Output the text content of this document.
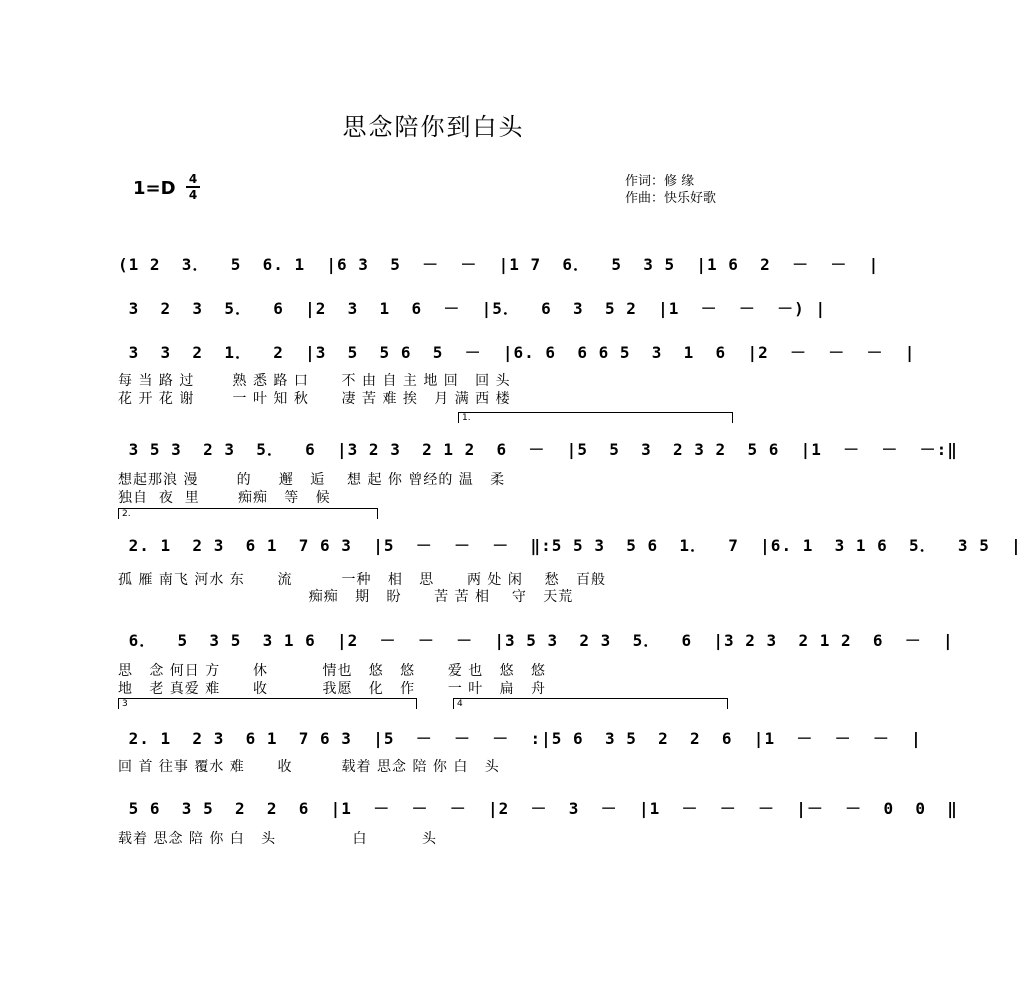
思念陪你到白头
1=D 4
4
作词：修 缘
作曲：快乐好歌
(1 2  3．  5  6. 1  |6 3  5  －  －  |1 7  6．  5  3 5  |1 6  2  －  －  |
3  2  3  5．  6  |2  3  1  6  －  |5．  6  3  5 2  |1  －  －  －) |
3  3  2  1．  2  |3  5  5 6  5  －  |6. 6  6 6 5  3  1  6  |2  －  －  －  |
每 当 路 过       熟 悉 路 口      不 由 自 主 地 回   回 头
花 开 花 谢       一 叶 知 秋      凄 苦 难 挨   月 满 西 楼
1.
3 5 3  2 3  5．  6  |3 2 3  2 1 2  6  －  |5  5  3  2 3 2  5 6  |1  －  －  －:‖
想起那浪 漫       的     邂   逅    想 起 你 曾经的 温   柔
独自  夜  里       痴痴   等   候
2.
2. 1  2 3  6 1  7 6 3  |5  －  －  －  ‖:5 5 3  5 6  1．  7  |6. 1  3 1 6  5．  3 5  |
孤 雁 南飞 河水 东      流         一种   相   思      两 处 闲    愁   百般
痴痴   期   盼      苦 苦 相    守   天荒
6．  5  3 5  3 1 6  |2  －  －  －  |3 5 3  2 3  5．  6  |3 2 3  2 1 2  6  －  |
思   念 何日 方      休          情也   悠   悠      爱 也   悠   悠
地   老 真爱 难      收          我愿   化   作      一 叶   扁   舟
3	4
2. 1  2 3  6 1  7 6 3  |5  －  －  －  :|5 6  3 5  2  2  6  |1  －  －  －  |
回 首 往事 覆水 难      收         载着 思念 陪 你 白   头
5 6  3 5  2  2  6  |1  －  －  －  |2  －  3  －  |1  －  －  －  |－  －  0  0  ‖
载着 思念 陪 你 白   头              白          头
